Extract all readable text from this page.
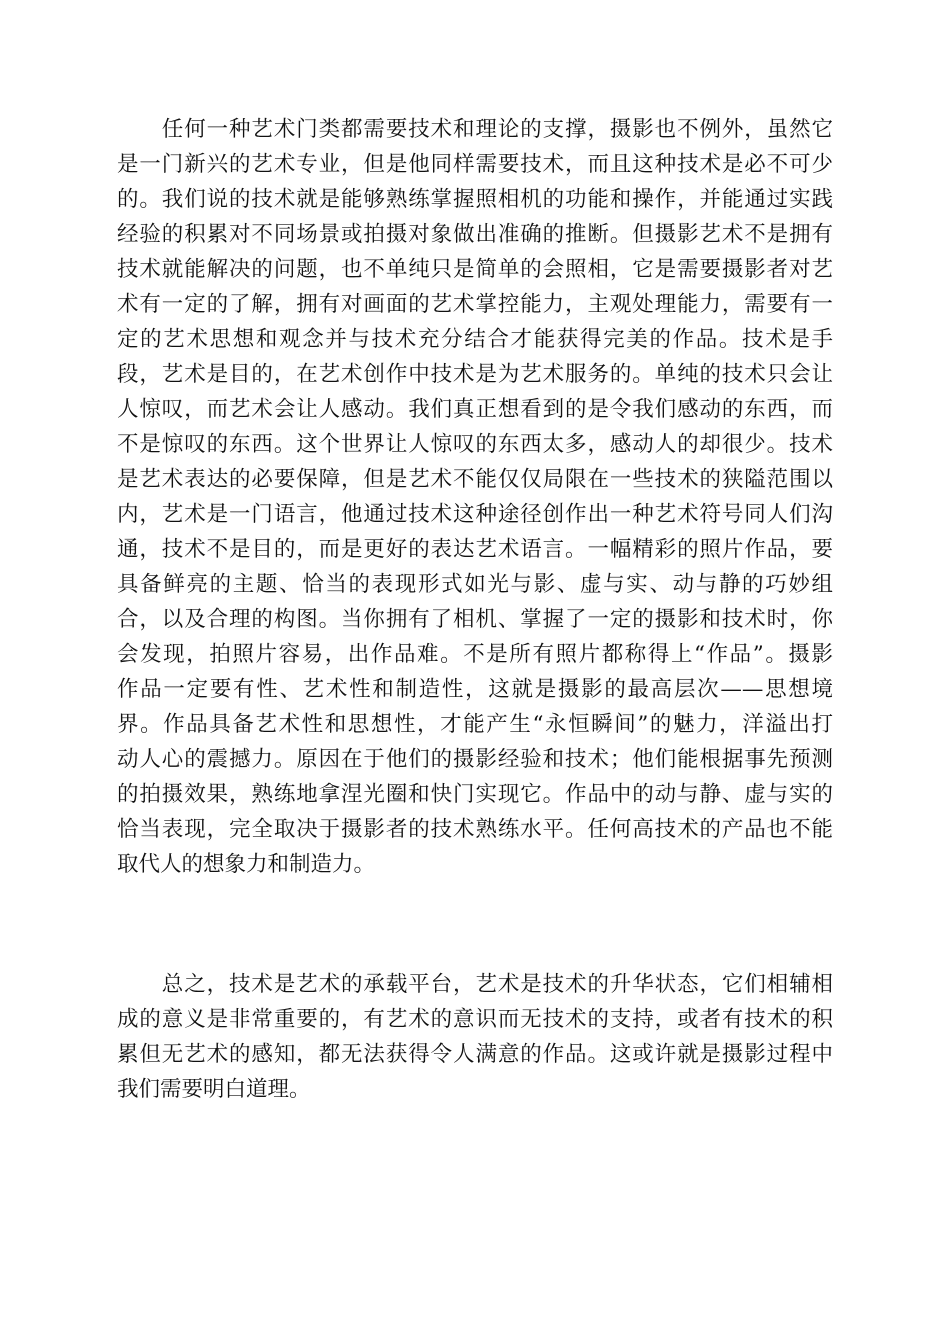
　　任何一种艺术门类都需要技术和理论的支撑，摄影也不例外，虽然它
是一门新兴的艺术专业，但是他同样需要技术，而且这种技术是必不可少
的。我们说的技术就是能够熟练掌握照相机的功能和操作，并能通过实践
经验的积累对不同场景或拍摄对象做出准确的推断。但摄影艺术不是拥有
技术就能解决的问题，也不单纯只是简单的会照相，它是需要摄影者对艺
术有一定的了解，拥有对画面的艺术掌控能力，主观处理能力，需要有一
定的艺术思想和观念并与技术充分结合才能获得完美的作品。技术是手
段，艺术是目的，在艺术创作中技术是为艺术服务的。单纯的技术只会让
人惊叹，而艺术会让人感动。我们真正想看到的是令我们感动的东西，而
不是惊叹的东西。这个世界让人惊叹的东西太多，感动人的却很少。技术
是艺术表达的必要保障，但是艺术不能仅仅局限在一些技术的狭隘范围以
内，艺术是一门语言，他通过技术这种途径创作出一种艺术符号同人们沟
通，技术不是目的，而是更好的表达艺术语言。一幅精彩的照片作品，要
具备鲜亮的主题、恰当的表现形式如光与影、虚与实、动与静的巧妙组
合，以及合理的构图。当你拥有了相机、掌握了一定的摄影和技术时，你
会发现，拍照片容易，出作品难。不是所有照片都称得上“作品”。摄影
作品一定要有性、艺术性和制造性，这就是摄影的最高层次——思想境
界。作品具备艺术性和思想性，才能产生“永恒瞬间”的魅力，洋溢出打
动人心的震撼力。原因在于他们的摄影经验和技术；他们能根据事先预测
的拍摄效果，熟练地拿涅光圈和快门实现它。作品中的动与静、虚与实的
恰当表现，完全取决于摄影者的技术熟练水平。任何高技术的产品也不能
取代人的想象力和制造力。
　　总之，技术是艺术的承载平台，艺术是技术的升华状态，它们相辅相
成的意义是非常重要的，有艺术的意识而无技术的支持，或者有技术的积
累但无艺术的感知，都无法获得令人满意的作品。这或许就是摄影过程中
我们需要明白道理。
